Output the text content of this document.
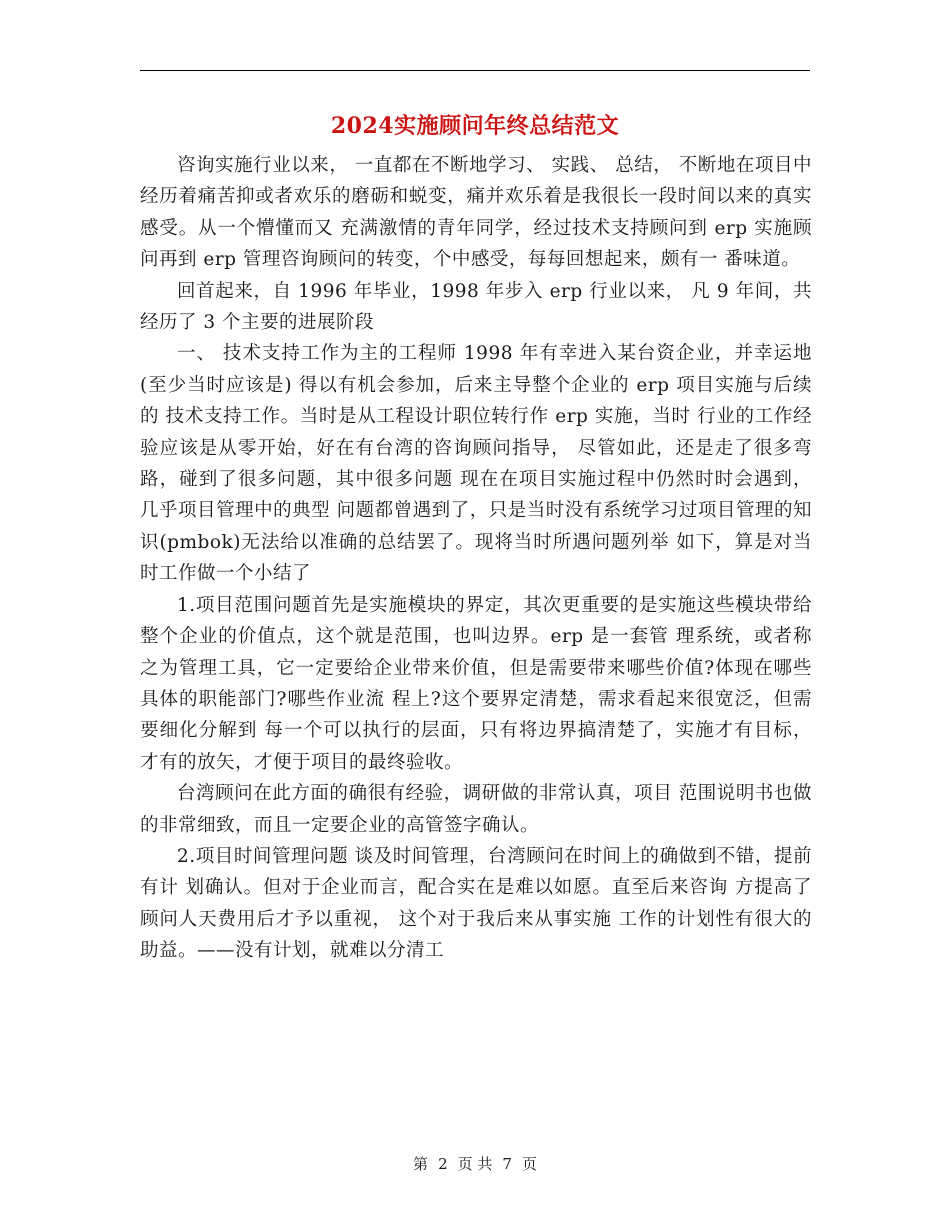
2024实施顾问年终总结范文

咨询实施行业以来， 一直都在不断地学习、 实践、 总结， 不断地在项目中经历着痛苦抑或者欢乐的磨砺和蜕变，痛并欢乐着是我很长一段时间以来的真实感受。从一个懵懂而又 充满激情的青年同学，经过技术支持顾问到 erp 实施顾问再到 erp 管理咨询顾问的转变，个中感受，每每回想起来，颇有一 番味道。

回首起来，自 1996 年毕业，1998 年步入 erp 行业以来， 凡 9 年间，共经历了 3 个主要的进展阶段

一、 技术支持工作为主的工程师 1998 年有幸进入某台资企业，并幸运地(至少当时应该是) 得以有机会参加，后来主导整个企业的 erp 项目实施与后续的 技术支持工作。当时是从工程设计职位转行作 erp 实施，当时 行业的工作经验应该是从零开始，好在有台湾的咨询顾问指导， 尽管如此，还是走了很多弯路，碰到了很多问题，其中很多问题 现在在项目实施过程中仍然时时会遇到， 几乎项目管理中的典型 问题都曾遇到了，只是当时没有系统学习过项目管理的知识(pmbok)无法给以准确的总结罢了。现将当时所遇问题列举 如下，算是对当时工作做一个小结了

1.项目范围问题首先是实施模块的界定，其次更重要的是实施这些模块带给 整个企业的价值点，这个就是范围，也叫边界。erp 是一套管 理系统，或者称之为管理工具，它一定要给企业带来价值，但是需要带来哪些价值?体现在哪些具体的职能部门?哪些作业流 程上?这个要界定清楚，需求看起来很宽泛，但需要细化分解到 每一个可以执行的层面，只有将边界搞清楚了，实施才有目标， 才有的放矢，才便于项目的最终验收。

台湾顾问在此方面的确很有经验，调研做的非常认真，项目 范围说明书也做的非常细致，而且一定要企业的高管签字确认。

2.项目时间管理问题 谈及时间管理，台湾顾问在时间上的确做到不错，提前有计 划确认。但对于企业而言，配合实在是难以如愿。直至后来咨询 方提高了顾问人天费用后才予以重视， 这个对于我后来从事实施 工作的计划性有很大的助益。——没有计划，就难以分清工

第 2 页 共 7 页
